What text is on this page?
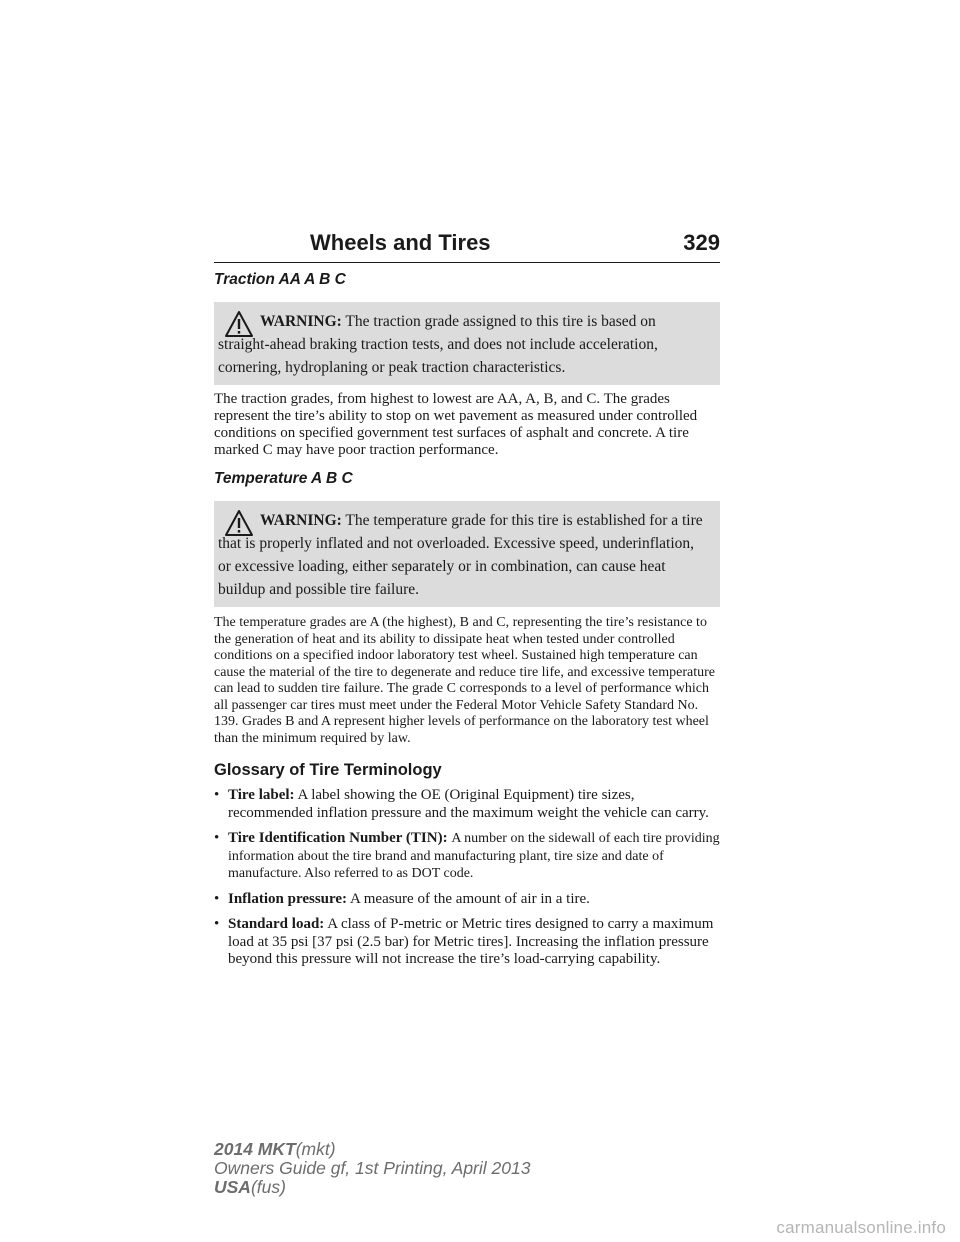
Wheels and Tires	329
Traction AA A B C
WARNING: The traction grade assigned to this tire is based on straight-ahead braking traction tests, and does not include acceleration, cornering, hydroplaning or peak traction characteristics.

The traction grades, from highest to lowest are AA, A, B, and C. The grades represent the tire’s ability to stop on wet pavement as measured under controlled conditions on specified government test surfaces of asphalt and concrete. A tire marked C may have poor traction performance.

Temperature A B C
WARNING: The temperature grade for this tire is established for a tire that is properly inflated and not overloaded. Excessive speed, underinflation, or excessive loading, either separately or in combination, can cause heat buildup and possible tire failure.

The temperature grades are A (the highest), B and C, representing the tire’s resistance to the generation of heat and its ability to dissipate heat when tested under controlled conditions on a specified indoor laboratory test wheel. Sustained high temperature can cause the material of the tire to degenerate and reduce tire life, and excessive temperature can lead to sudden tire failure. The grade C corresponds to a level of performance which all passenger car tires must meet under the Federal Motor Vehicle Safety Standard No. 139. Grades B and A represent higher levels of performance on the laboratory test wheel than the minimum required by law.

Glossary of Tire Terminology
• Tire label: A label showing the OE (Original Equipment) tire sizes, recommended inflation pressure and the maximum weight the vehicle can carry.
• Tire Identification Number (TIN): A number on the sidewall of each tire providing information about the tire brand and manufacturing plant, tire size and date of manufacture. Also referred to as DOT code.
• Inflation pressure: A measure of the amount of air in a tire.
• Standard load: A class of P-metric or Metric tires designed to carry a maximum load at 35 psi [37 psi (2.5 bar) for Metric tires]. Increasing the inflation pressure beyond this pressure will not increase the tire’s load-carrying capability.
2014 MKT(mkt)
Owners Guide gf, 1st Printing, April 2013
USA(fus)
carmanualsonline.info
